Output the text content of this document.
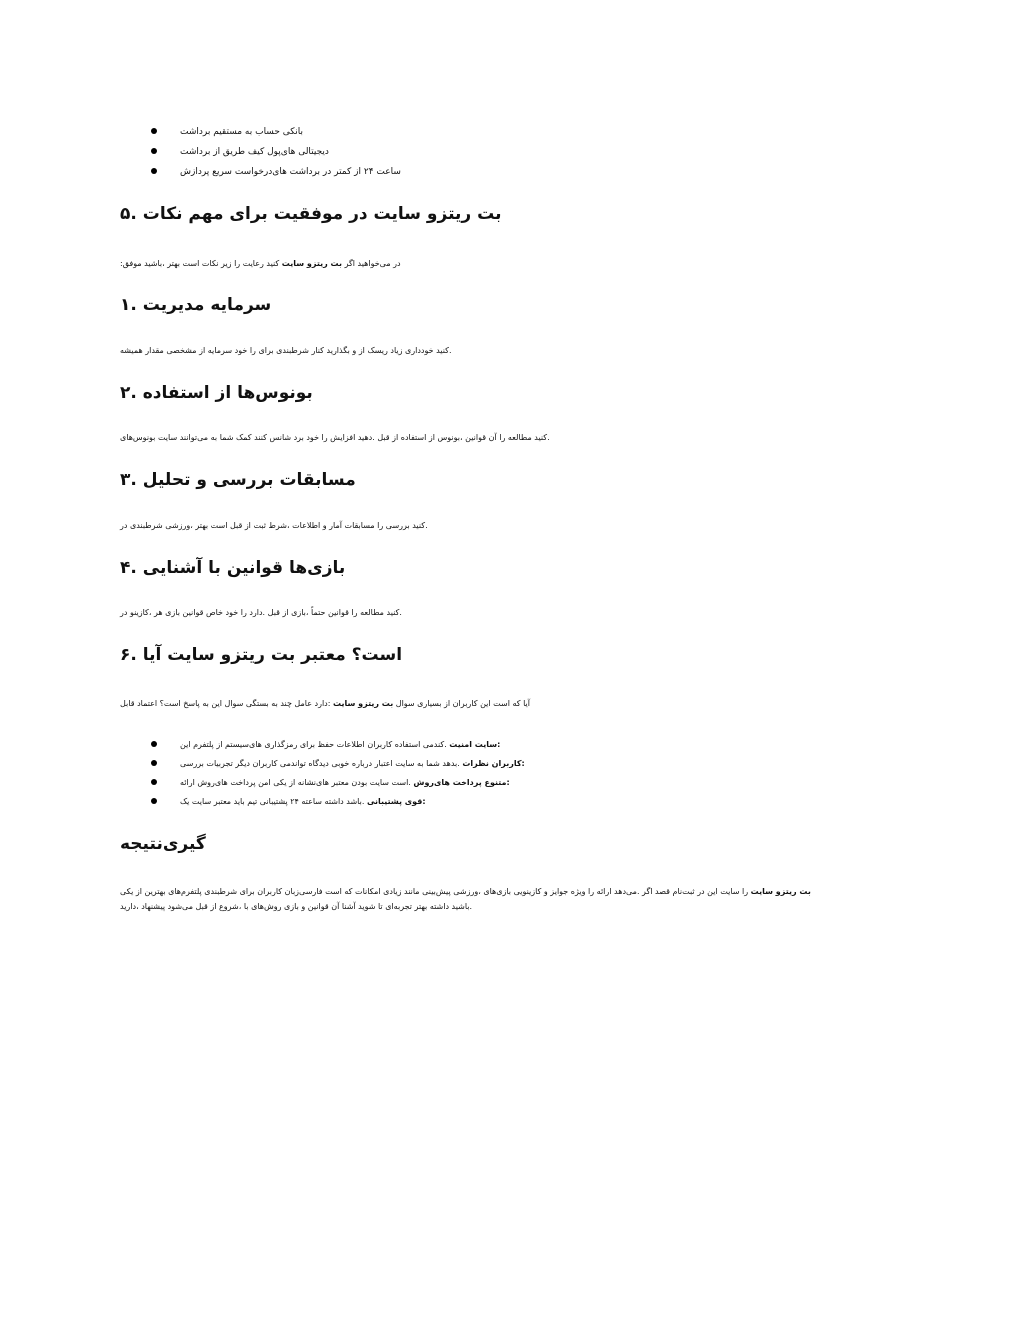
بانکی حساب به مستقیم برداشت
دیجیتالی های‌پول کیف طریق از برداشت
ساعت ۲۴ از کمتر در برداشت های‌درخواست سریع پردازش
بت ریتزو سایت در موفقیت برای مهم نکات .۵
در می‌خواهید اگر بت ریتزو سایت کنید رعایت را زیر نکات است بهتر ،باشید موفق:
سرمایه مدیریت .۱
.کنید خودداری زیاد ریسک از و بگذارید کنار شرطبندی برای را خود سرمایه از مشخصی مقدار همیشه
بونوس‌ها از استفاده .۲
.کنید مطالعه را آن قوانین ،بونوس از استفاده از قبل .دهید افزایش را خود برد شانس کنند کمک شما به می‌توانند سایت بونوس‌های
مسابقات بررسی و تحلیل .۳
.کنید بررسی را مسابقات آمار و اطلاعات ،شرط ثبت از قبل است بهتر ،ورزشی شرطبندی در
بازی‌ها قوانین با آشنایی .۴
.کنید مطالعه را قوانین حتماً ،بازی از قبل .دارد را خود خاص قوانین بازی هر ،کازینو در
است؟ معتبر بت ریتزو سایت آیا .۶
آیا که است این کاربران از بسیاری سوال بت ریتزو سایت :دارد عامل چند به بستگی سوال این به پاسخ است؟ اعتماد قابل
:سایت امنیت .کندمی استفاده کاربران اطلاعات حفظ برای رمزگذاری های‌سیستم از پلتفرم این
:کاربران نظرات .بدهد شما به سایت اعتبار درباره خوبی دیدگاه تواندمی کاربران دیگر تجربیات بررسی
:متنوع پرداخت های‌روش .است سایت بودن معتبر های‌نشانه از یکی امن پرداخت های‌روش ارائه
:قوی پشتیبانی .باشد داشته ساعته ۲۴ پشتیبانی تیم باید معتبر سایت یک
گیری‌نتیجه
بت ریتزو سایت را سایت این در ثبت‌نام قصد اگر .می‌دهد ارائه را ویژه جوایز و کازینویی بازی‌های ،ورزشی پیش‌بینی مانند زیادی امکانات که است فارسی‌زبان کاربران برای شرطبندی پلتفرم‌های بهترین از یکی
.باشید داشته بهتر تجربه‌ای تا شوید آشنا آن قوانین و بازی روش‌های با ،شروع از قبل می‌شود پیشنهاد ،دارید
